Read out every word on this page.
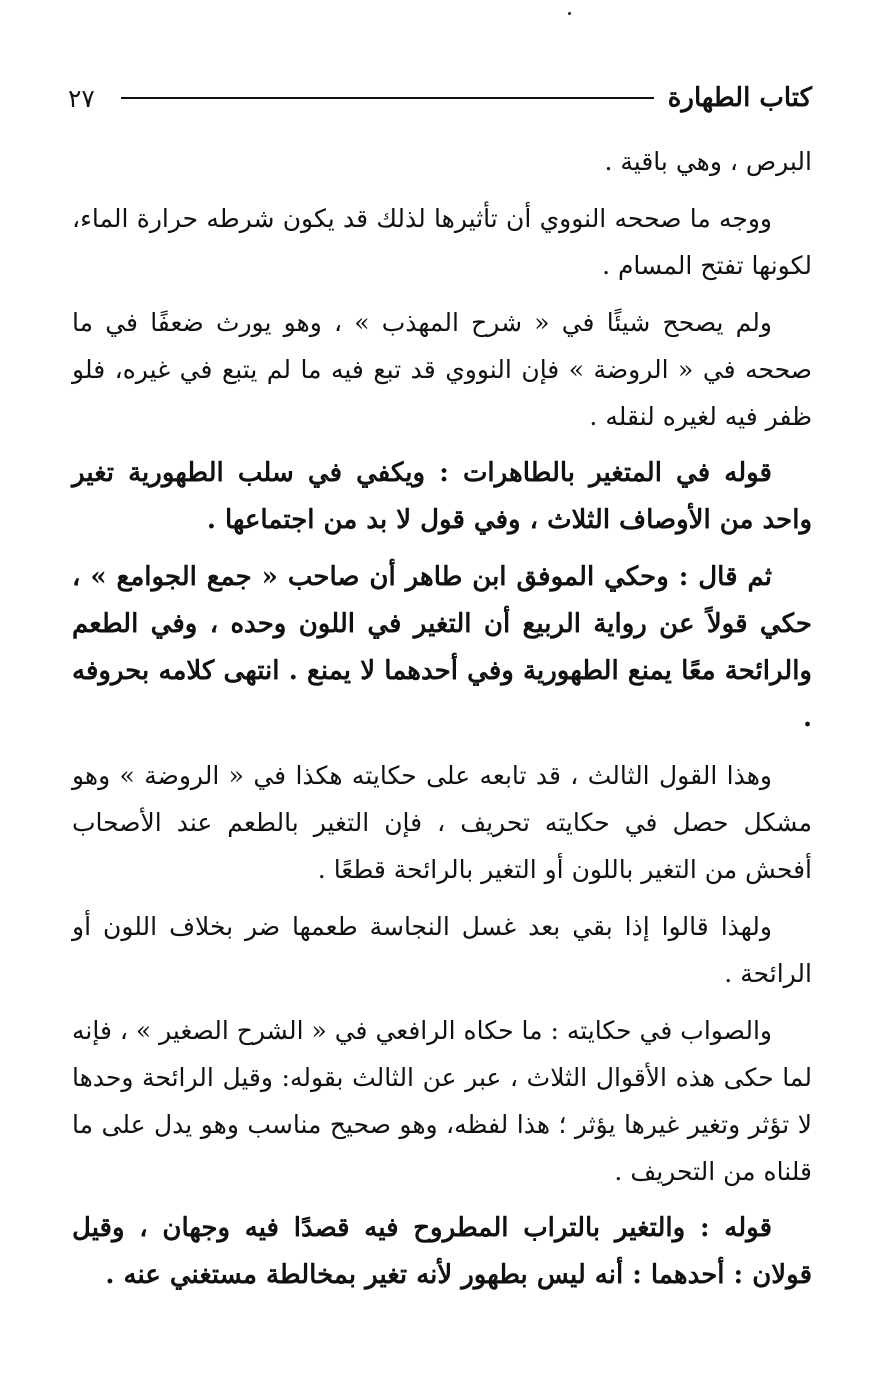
كتاب الطهارة
٢٧

البرص ، وهي باقية .

ووجه ما صححه النووي أن تأثيرها لذلك قد يكون شرطه حرارة الماء، لكونها تفتح المسام .

ولم يصحح شيئًا في « شرح المهذب » ، وهو يورث ضعفًا في ما صححه في « الروضة » فإن النووي قد تبع فيه ما لم يتبع في غيره، فلو ظفر فيه لغيره لنقله .

قوله في المتغير بالطاهرات : ويكفي في سلب الطهورية تغير واحد من الأوصاف الثلاث ، وفي قول لا بد من اجتماعها .

ثم قال : وحكي الموفق ابن طاهر أن صاحب « جمع الجوامع » ، حكي قولاً عن رواية الربيع أن التغير في اللون وحده ، وفي الطعم والرائحة معًا يمنع الطهورية وفي أحدهما لا يمنع . انتهى كلامه بحروفه .

وهذا القول الثالث ، قد تابعه على حكايته هكذا في « الروضة » وهو مشكل حصل في حكايته تحريف ، فإن التغير بالطعم عند الأصحاب أفحش من التغير باللون أو التغير بالرائحة قطعًا .

ولهذا قالوا إذا بقي بعد غسل النجاسة طعمها ضر بخلاف اللون أو الرائحة .

والصواب في حكايته : ما حكاه الرافعي في « الشرح الصغير » ، فإنه لما حكى هذه الأقوال الثلاث ، عبر عن الثالث بقوله: وقيل الرائحة وحدها لا تؤثر وتغير غيرها يؤثر ؛ هذا لفظه، وهو صحيح مناسب وهو يدل على ما قلناه من التحريف .

قوله : والتغير بالتراب المطروح فيه قصدًا فيه وجهان ، وقيل قولان : أحدهما : أنه ليس بطهور لأنه تغير بمخالطة مستغني عنه .
